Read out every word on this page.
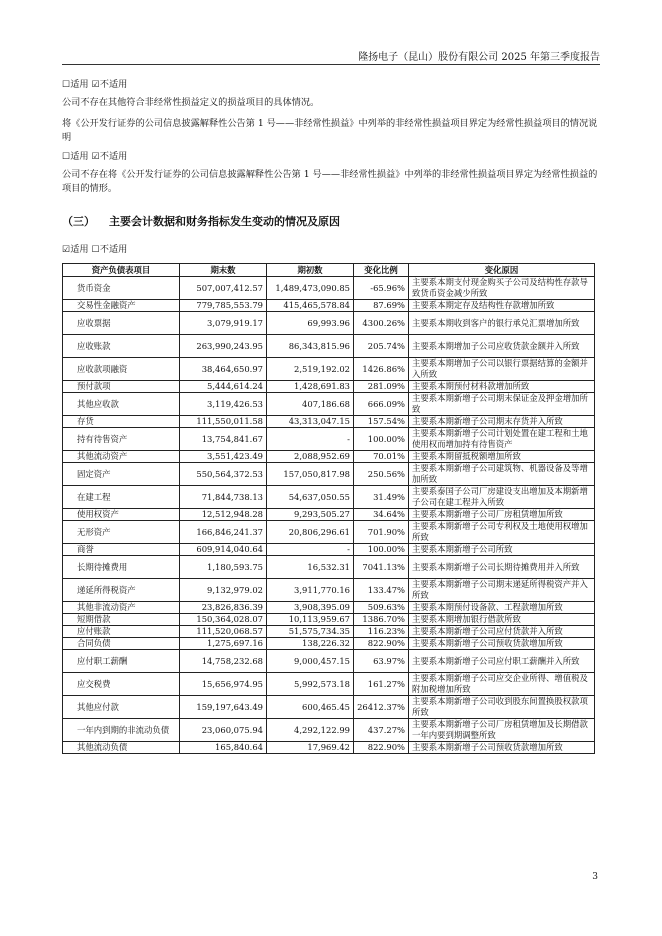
隆扬电子（昆山）股份有限公司 2025 年第三季度报告
☐适用 ☑不适用
公司不存在其他符合非经常性损益定义的损益项目的具体情况。
将《公开发行证券的公司信息披露解释性公告第 1 号——非经常性损益》中列举的非经常性损益项目界定为经常性损益项目的情况说明
☐适用 ☑不适用
公司不存在将《公开发行证券的公司信息披露解释性公告第 1 号——非经常性损益》中列举的非经常性损益项目界定为经常性损益的项目的情形。
（三） 主要会计数据和财务指标发生变动的情况及原因
☑适用 ☐不适用
资产负债表项目	期末数	期初数	变化比例	变化原因
货币资金	507,007,412.57	1,489,473,090.85	-65.96%	主要系本期支付现金购买子公司及结构性存款导致货币资金减少所致
交易性金融资产	779,785,553.79	415,465,578.84	87.69%	主要系本期定存及结构性存款增加所致
应收票据	3,079,919.17	69,993.96	4300.26%	主要系本期收到客户的银行承兑汇票增加所致
应收账款	263,990,243.95	86,343,815.96	205.74%	主要系本期增加子公司应收货款金额并入所致
应收款项融资	38,464,650.97	2,519,192.02	1426.86%	主要系本期增加子公司以银行票据结算的金额并入所致
预付款项	5,444,614.24	1,428,691.83	281.09%	主要系本期预付材料款增加所致
其他应收款	3,119,426.53	407,186.68	666.09%	主要系本期新增子公司期末保证金及押金增加所致
存货	111,550,011.58	43,313,047.15	157.54%	主要系本期新增子公司期末存货并入所致
持有待售资产	13,754,841.67	-	100.00%	主要系本期新增子公司计划处置在建工程和土地使用权而增加持有待售资产
其他流动资产	3,551,423.49	2,088,952.69	70.01%	主要系本期留抵税额增加所致
固定资产	550,564,372.53	157,050,817.98	250.56%	主要系本期新增子公司建筑物、机器设备及等增加所致
在建工程	71,844,738.13	54,637,050.55	31.49%	主要系泰国子公司厂房建设支出增加及本期新增子公司在建工程并入所致
使用权资产	12,512,948.28	9,293,505.27	34.64%	主要系本期新增子公司厂房租赁增加所致
无形资产	166,846,241.37	20,806,296.61	701.90%	主要系本期新增子公司专利权及土地使用权增加所致
商誉	609,914,040.64	-	100.00%	主要系本期新增子公司所致
长期待摊费用	1,180,593.75	16,532.31	7041.13%	主要系本期新增子公司长期待摊费用并入所致
递延所得税资产	9,132,979.02	3,911,770.16	133.47%	主要系本期新增子公司期末递延所得税资产并入所致
其他非流动资产	23,826,836.39	3,908,395.09	509.63%	主要系本期预付设备款、工程款增加所致
短期借款	150,364,028.07	10,113,959.67	1386.70%	主要系本期增加银行借款所致
应付账款	111,520,068.57	51,575,734.35	116.23%	主要系本期新增子公司应付货款并入所致
合同负债	1,275,697.16	138,226.32	822.90%	主要系本期新增子公司预收货款增加所致
应付职工薪酬	14,758,232.68	9,000,457.15	63.97%	主要系本期新增子公司应付职工薪酬并入所致
应交税费	15,656,974.95	5,992,573.18	161.27%	主要系本期新增子公司应交企业所得、增值税及附加税增加所致
其他应付款	159,197,643.49	600,465.45	26412.37%	主要系本期新增子公司收到股东间置换股权款项所致
一年内到期的非流动负债	23,060,075.94	4,292,122.99	437.27%	主要系本期新增子公司厂房租赁增加及长期借款一年内要到期调整所致
其他流动负债	165,840.64	17,969.42	822.90%	主要系本期新增子公司预收货款增加所致
3
